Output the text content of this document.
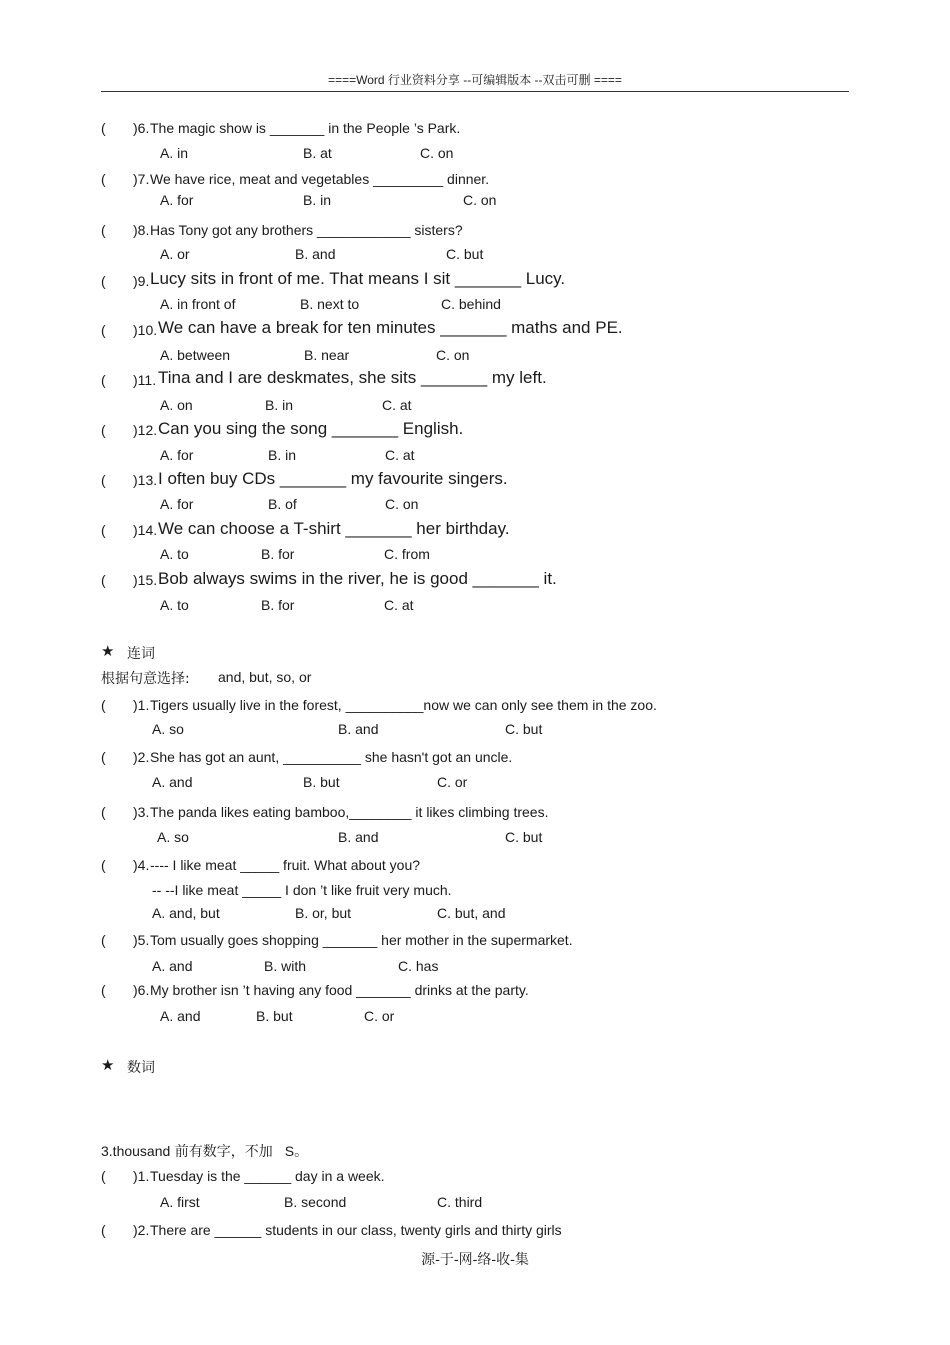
====Word 行业资料分享 --可编辑版本 --双击可删 ====
( )6. The magic show is _______ in the People ’s Park.
A. in	B. at	C. on
( )7. We have rice, meat and vegetables _________ dinner.
A. for	B. in	C. on
( )8. Has Tony got any brothers ____________ sisters?
A. or	B. and	C. but
( )9. Lucy sits in front of me. That means I sit _______ Lucy.
A. in front of	B. next to	C. behind
( )10. We can have a break for ten minutes _______ maths and PE.
A. between	B. near	C. on
( )11. Tina and I are deskmates, she sits _______ my left.
A. on	B. in	C. at
( )12. Can you sing the song _______ English.
A. for	B. in	C. at
( )13. I often buy CDs _______ my favourite singers.
A. for	B. of	C. on
( )14. We can choose a T-shirt _______ her birthday.
A. to	B. for	C. from
( )15. Bob always swims in the river, he is good _______ it.
A. to	B. for	C. at
★ 连词
根据句意选择: and, but, so, or
( )1. Tigers usually live in the forest, __________now we can only see them in the zoo.
A. so	B. and	C. but
( )2. She has got an aunt, __________ she hasn't got an uncle.
A. and	B. but	C. or
( )3. The panda likes eating bamboo,________ it likes climbing trees.
A. so	B. and	C. but
( )4. ---- I like meat _____ fruit. What about you?
-- --I like meat _____ I don ’t like fruit very much.
A. and, but	B. or, but	C. but, and
( )5. Tom usually goes shopping _______ her mother in the supermarket.
A. and	B. with	C. has
( )6. My brother isn ’t having any food _______ drinks at the party.
A. and	B. but	C. or
★ 数词
3.thousand 前有数字，不加 S。
( )1. Tuesday is the ______ day in a week.
A. first	B. second	C. third
( )2. There are ______ students in our class, twenty girls and thirty girls
源-于-网-络-收-集
